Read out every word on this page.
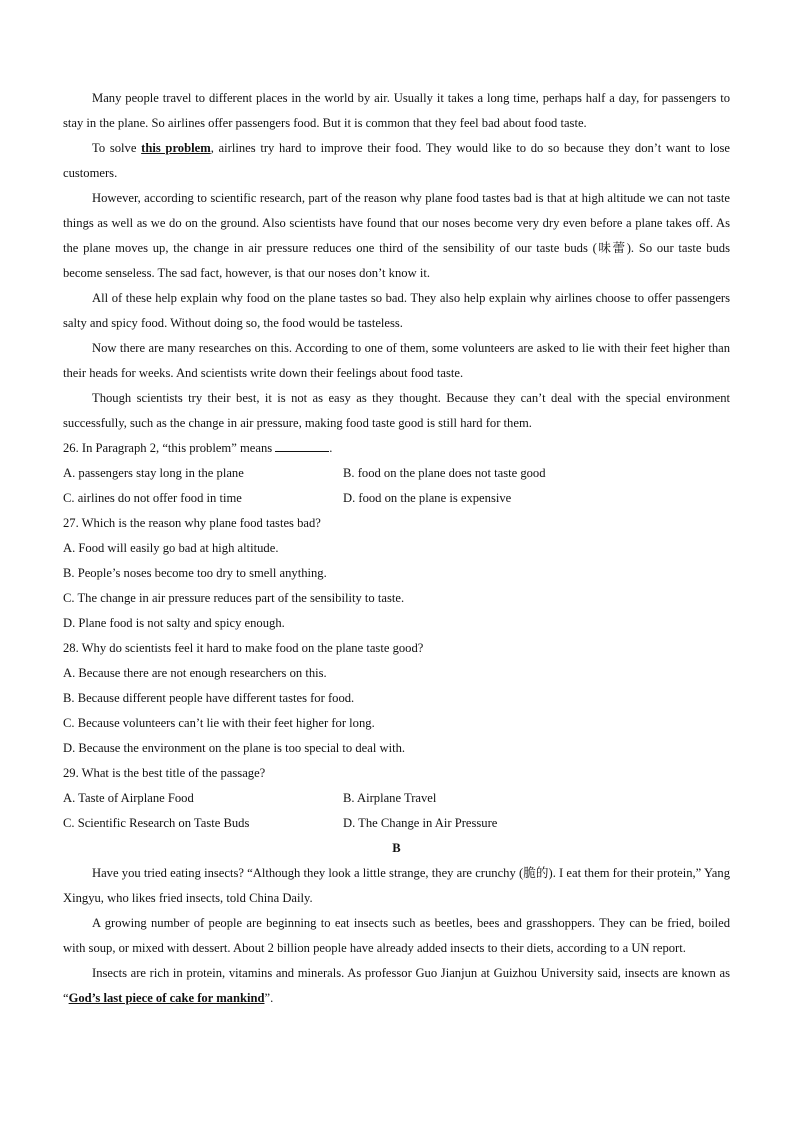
Many people travel to different places in the world by air. Usually it takes a long time, perhaps half a day, for passengers to stay in the plane. So airlines offer passengers food. But it is common that they feel bad about food taste.

To solve this problem, airlines try hard to improve their food. They would like to do so because they don’t want to lose customers.

However, according to scientific research, part of the reason why plane food tastes bad is that at high altitude we can not taste things as well as we do on the ground. Also scientists have found that our noses become very dry even before a plane takes off. As the plane moves up, the change in air pressure reduces one third of the sensibility of our taste buds (味蕾). So our taste buds become senseless. The sad fact, however, is that our noses don’t know it.

All of these help explain why food on the plane tastes so bad. They also help explain why airlines choose to offer passengers salty and spicy food. Without doing so, the food would be tasteless.

Now there are many researches on this. According to one of them, some volunteers are asked to lie with their feet higher than their heads for weeks. And scientists write down their feelings about food taste.

Though scientists try their best, it is not as easy as they thought. Because they can’t deal with the special environment successfully, such as the change in air pressure, making food taste good is still hard for them.

26. In Paragraph 2, “this problem” means	.

A. passengers stay long in the plane	B. food on the plane does not taste good
C. airlines do not offer food in time	D. food on the plane is expensive

27. Which is the reason why plane food tastes bad?

A. Food will easily go bad at high altitude.

B. People’s noses become too dry to smell anything.

C. The change in air pressure reduces part of the sensibility to taste.

D. Plane food is not salty and spicy enough.

28. Why do scientists feel it hard to make food on the plane taste good?

A. Because there are not enough researchers on this.

B. Because different people have different tastes for food.

C. Because volunteers can’t lie with their feet higher for long.

D. Because the environment on the plane is too special to deal with.

29. What is the best title of the passage?

A. Taste of Airplane Food	B. Airplane Travel
C. Scientific Research on Taste Buds	D. The Change in Air Pressure

B

Have you tried eating insects? “Although they look a little strange, they are crunchy (脆的). I eat them for their protein,” Yang Xingyu, who likes fried insects, told China Daily.

A growing number of people are beginning to eat insects such as beetles, bees and grasshoppers. They can be fried, boiled with soup, or mixed with dessert. About 2 billion people have already added insects to their diets, according to a UN report.

Insects are rich in protein, vitamins and minerals. As professor Guo Jianjun at Guizhou University said, insects are known as “God’s last piece of cake for mankind”.
